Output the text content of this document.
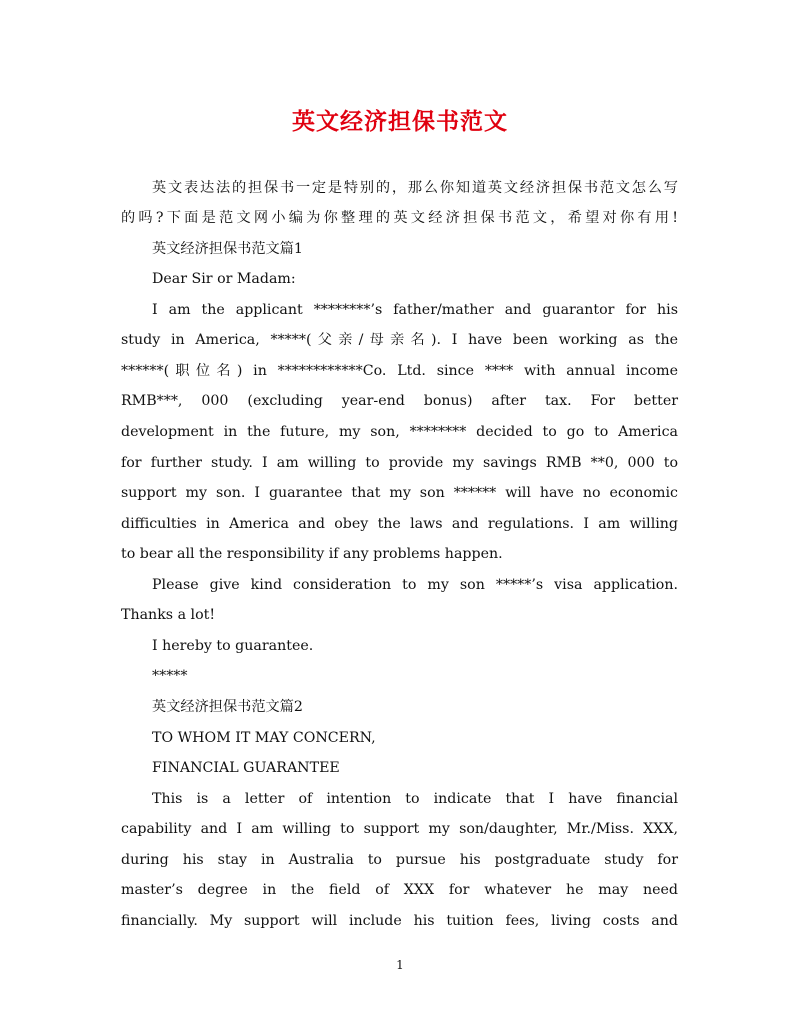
英文经济担保书范文
英文表达法的担保书一定是特别的，那么你知道英文经济担保书范文怎么写
的吗?下面是范文网小编为你整理的英文经济担保书范文，希望对你有用!
英文经济担保书范文篇1
Dear Sir or Madam:
I am the applicant ********’s father/mather and guarantor for his
study in America, *****(父亲/母亲名). I have been working as the
******(职位名) in ************Co. Ltd. since **** with annual income
RMB***, 000 (excluding year-end bonus) after tax. For better
development in the future, my son, ******** decided to go to America
for further study. I am willing to provide my savings RMB **0, 000 to
support my son. I guarantee that my son ****** will have no economic
difficulties in America and obey the laws and regulations. I am willing
to bear all the responsibility if any problems happen.
Please give kind consideration to my son *****’s visa application.
Thanks a lot!
I hereby to guarantee.
*****
英文经济担保书范文篇2
TO WHOM IT MAY CONCERN,
FINANCIAL GUARANTEE
This is a letter of intention to indicate that I have financial
capability and I am willing to support my son/daughter, Mr./Miss. XXX,
during his stay in Australia to pursue his postgraduate study for
master’s degree in the field of XXX for whatever he may need
financially. My support will include his tuition fees, living costs and
1
